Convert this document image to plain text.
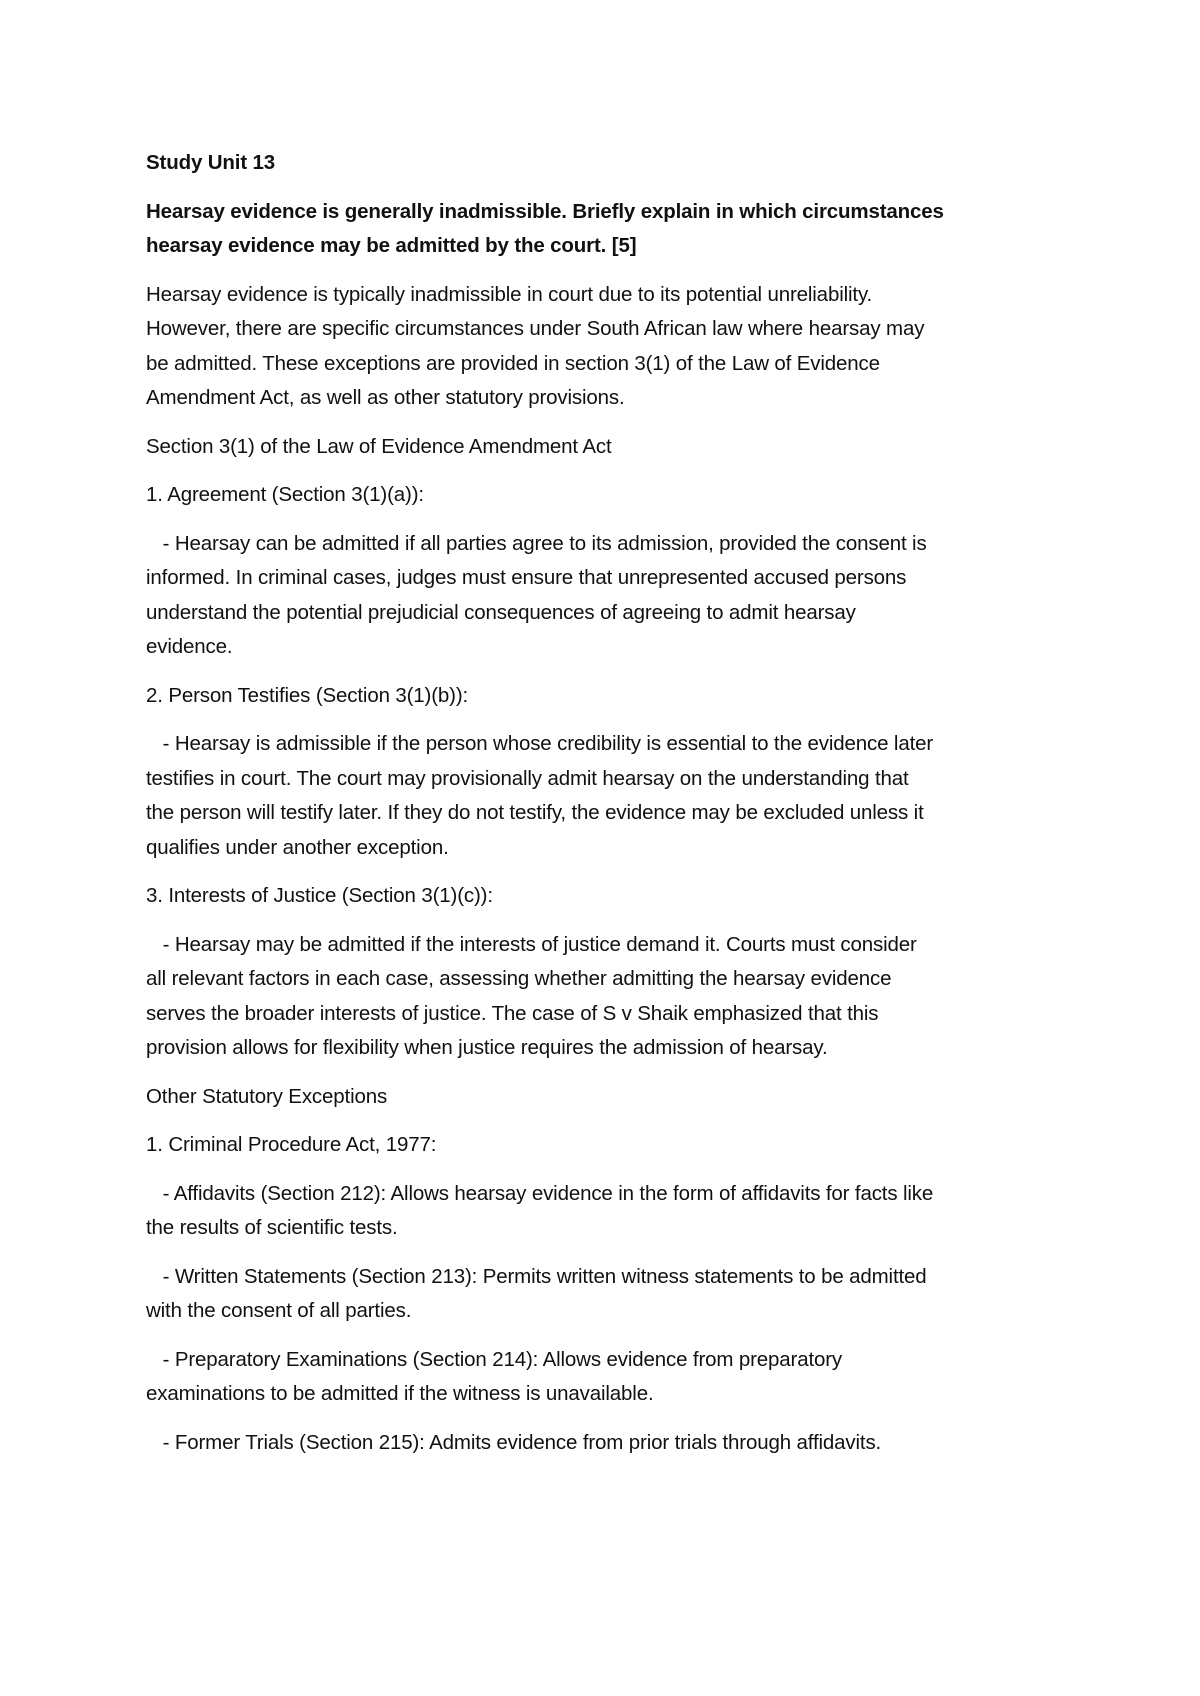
Study Unit 13

Hearsay evidence is generally inadmissible. Briefly explain in which circumstances
hearsay evidence may be admitted by the court. [5]

Hearsay evidence is typically inadmissible in court due to its potential unreliability.
However, there are specific circumstances under South African law where hearsay may
be admitted. These exceptions are provided in section 3(1) of the Law of Evidence
Amendment Act, as well as other statutory provisions.

Section 3(1) of the Law of Evidence Amendment Act

1. Agreement (Section 3(1)(a)):

- Hearsay can be admitted if all parties agree to its admission, provided the consent is
informed. In criminal cases, judges must ensure that unrepresented accused persons
understand the potential prejudicial consequences of agreeing to admit hearsay
evidence.

2. Person Testifies (Section 3(1)(b)):

- Hearsay is admissible if the person whose credibility is essential to the evidence later
testifies in court. The court may provisionally admit hearsay on the understanding that
the person will testify later. If they do not testify, the evidence may be excluded unless it
qualifies under another exception.

3. Interests of Justice (Section 3(1)(c)):

- Hearsay may be admitted if the interests of justice demand it. Courts must consider
all relevant factors in each case, assessing whether admitting the hearsay evidence
serves the broader interests of justice. The case of S v Shaik emphasized that this
provision allows for flexibility when justice requires the admission of hearsay.

Other Statutory Exceptions

1. Criminal Procedure Act, 1977:

- Affidavits (Section 212): Allows hearsay evidence in the form of affidavits for facts like
the results of scientific tests.

- Written Statements (Section 213): Permits written witness statements to be admitted
with the consent of all parties.

- Preparatory Examinations (Section 214): Allows evidence from preparatory
examinations to be admitted if the witness is unavailable.

- Former Trials (Section 215): Admits evidence from prior trials through affidavits.
